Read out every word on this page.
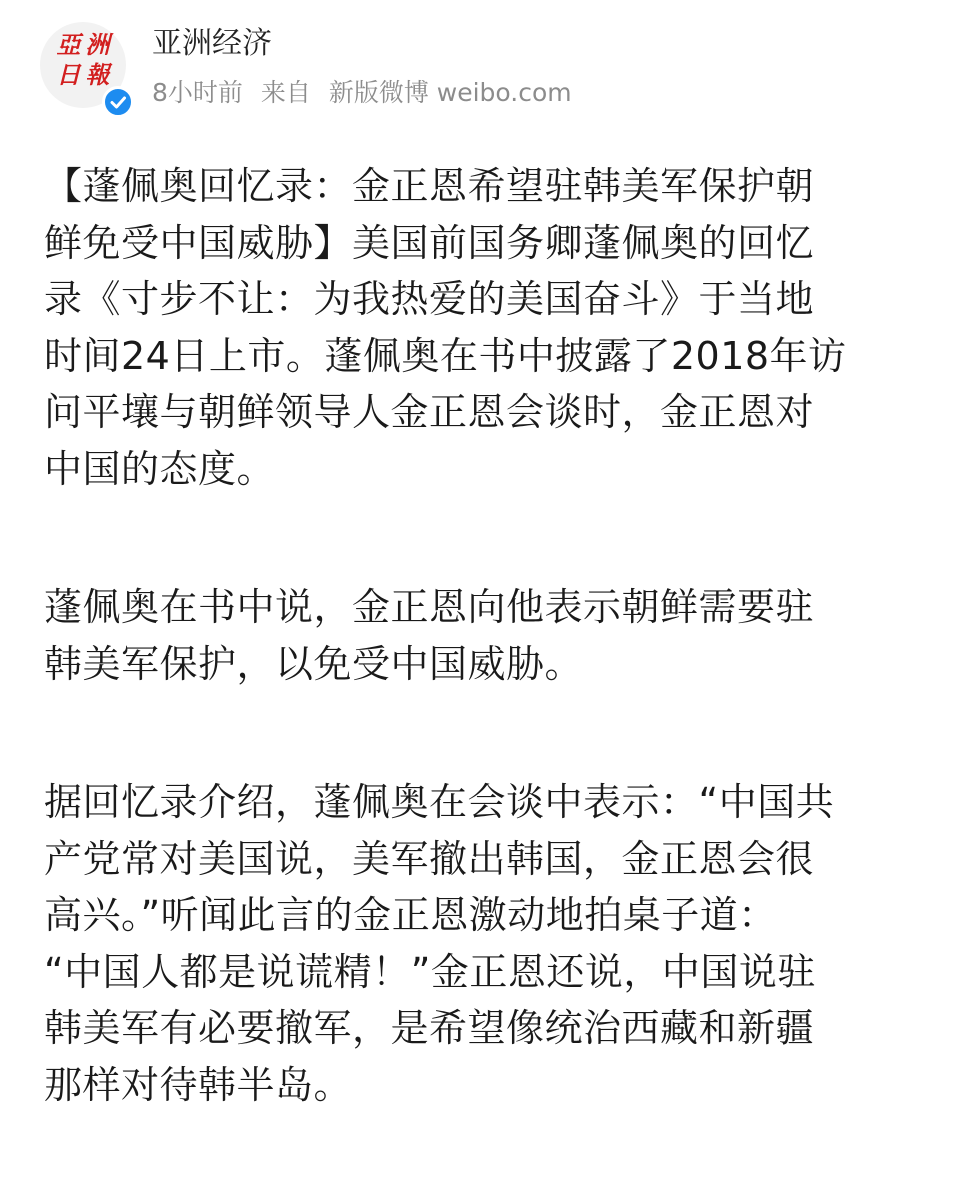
亞 洲
日 報
亚洲经济
8小时前 来自 新版微博 weibo.com

【蓬佩奥回忆录：金正恩希望驻韩美军保护朝
鲜免受中国威胁】美国前国务卿蓬佩奥的回忆
录《寸步不让：为我热爱的美国奋斗》于当地
时间24日上市。蓬佩奥在书中披露了2018年访
问平壤与朝鲜领导人金正恩会谈时，金正恩对
中国的态度。

蓬佩奥在书中说，金正恩向他表示朝鲜需要驻
韩美军保护，以免受中国威胁。

据回忆录介绍，蓬佩奥在会谈中表示：“中国共
产党常对美国说，美军撤出韩国，金正恩会很
高兴。”听闻此言的金正恩激动地拍桌子道：
“中国人都是说谎精！”金正恩还说，中国说驻
韩美军有必要撤军，是希望像统治西藏和新疆
那样对待韩半岛。
